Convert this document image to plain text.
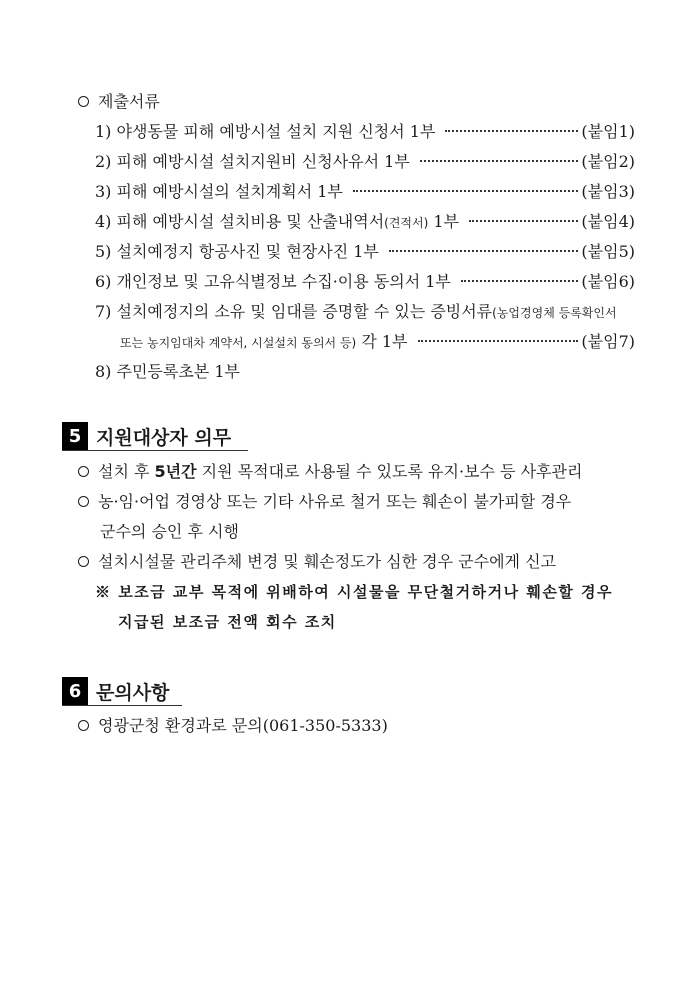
제출서류
1) 야생동물 피해 예방시설 설치 지원 신청서 1부	(붙임1)
2) 피해 예방시설 설치지원비 신청사유서 1부	(붙임2)
3) 피해 예방시설의 설치계획서 1부	(붙임3)
4) 피해 예방시설 설치비용 및 산출내역서(견적서) 1부	(붙임4)
5) 설치예정지 항공사진 및 현장사진 1부	(붙임5)
6) 개인정보 및 고유식별정보 수집·이용 동의서 1부	(붙임6)
7) 설치예정지의 소유 및 임대를 증명할 수 있는 증빙서류(농업경영체 등록확인서
또는 농지임대차 계약서, 시설설치 동의서 등) 각 1부	(붙임7)
8) 주민등록초본 1부
5 지원대상자 의무
설치 후 5년간 지원 목적대로 사용될 수 있도록 유지·보수 등 사후관리
농·임·어업 경영상 또는 기타 사유로 철거 또는 훼손이 불가피할 경우
군수의 승인 후 시행
설치시설물 관리주체 변경 및 훼손정도가 심한 경우 군수에게 신고
※ 보조금 교부 목적에 위배하여 시설물을 무단철거하거나 훼손할 경우
지급된 보조금 전액 회수 조치
6 문의사항
영광군청 환경과로 문의(061-350-5333)
